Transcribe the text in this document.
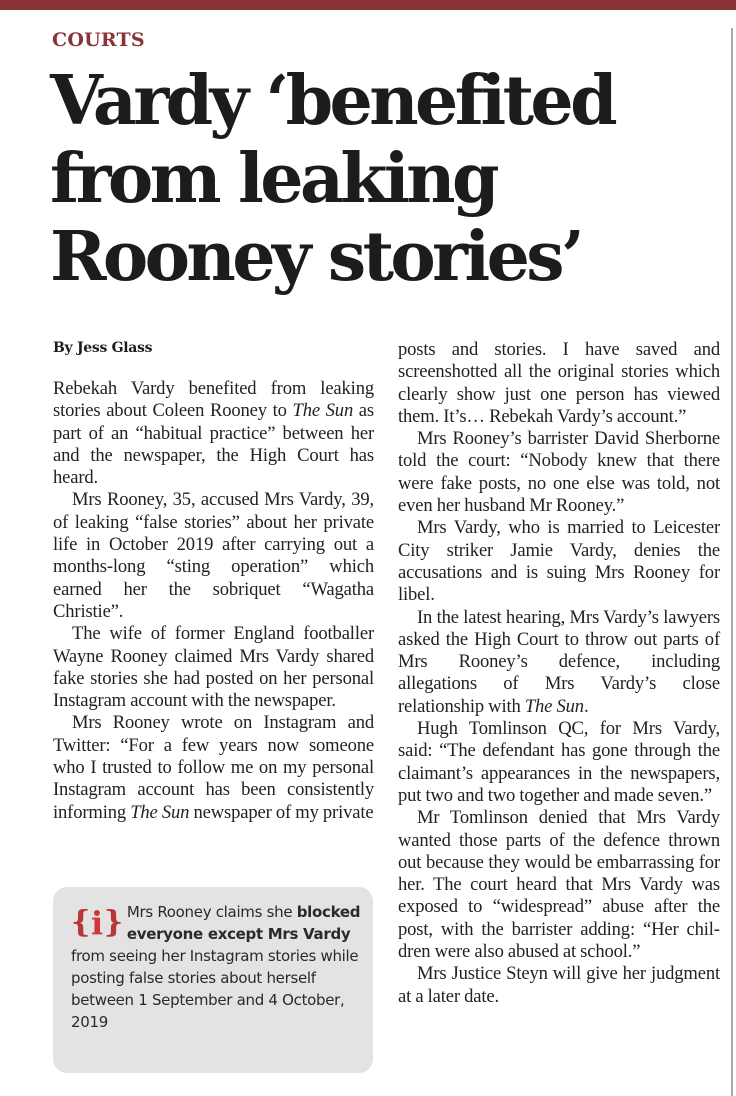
COURTS
Vardy ‘benefited from leaking Rooney stories’
By Jess Glass

Rebekah Vardy benefited from leaking stories about Coleen Rooney to The Sun as part of an “habitual practice” between her and the newspaper, the High Court has heard.

Mrs Rooney, 35, accused Mrs Vardy, 39, of leaking “false stories” about her private life in October 2019 after carrying out a months-long “sting operation” which earned her the sobriquet “Wagatha Christie”.

The wife of former England footballer Wayne Rooney claimed Mrs Vardy shared fake stories she had posted on her personal Instagram account with the newspaper.

Mrs Rooney wrote on Instagram and Twitter: “For a few years now someone who I trusted to follow me on my personal Instagram account has been consistently informing The Sun newspaper of my private

{i} Mrs Rooney claims she blocked everyone except Mrs Vardy from seeing her Instagram stories while posting false stories about herself between 1 September and 4 October, 2019

posts and stories. I have saved and screenshotted all the original stories which clearly show just one person has viewed them. It’s… Rebekah Vardy’s account.”

Mrs Rooney’s barrister David Sherborne told the court: “Nobody knew that there were fake posts, no one else was told, not even her husband Mr Rooney.”

Mrs Vardy, who is married to Leicester City striker Jamie Vardy, denies the accusations and is suing Mrs Rooney for libel.

In the latest hearing, Mrs Vardy’s lawyers asked the High Court to throw out parts of Mrs Rooney’s defence, including allegations of Mrs Vardy’s close relationship with The Sun.

Hugh Tomlinson QC, for Mrs Vardy, said: “The defendant has gone through the claimant’s appearances in the newspapers, put two and two together and made seven.”

Mr Tomlinson denied that Mrs Vardy wanted those parts of the defence thrown out because they would be embarrassing for her. The court heard that Mrs Vardy was exposed to “widespread” abuse after the post, with the barrister adding: “Her children were also abused at school.”

Mrs Justice Steyn will give her judgment at a later date.
